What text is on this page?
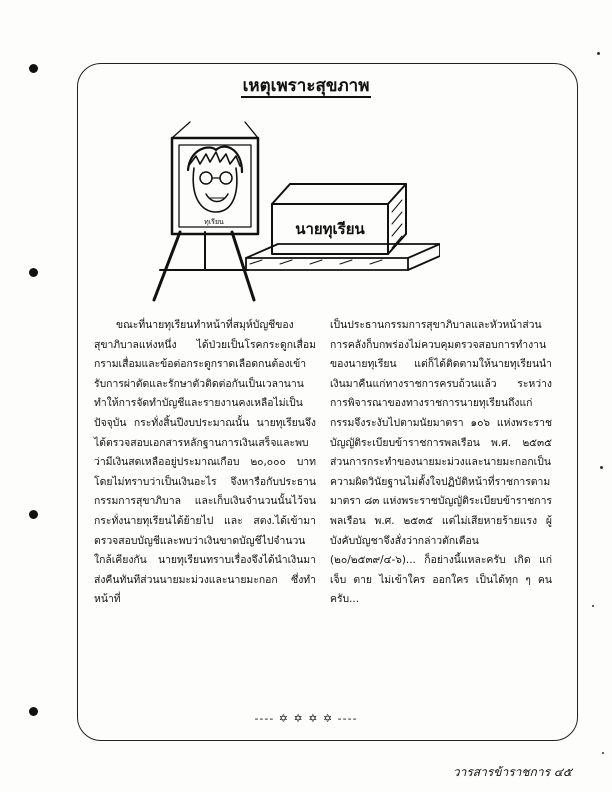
เหตุเพราะสุขภาพ
ทุเรียน	นายทุเรียน

ขณะที่นายทุเรียนทำหน้าที่สมุห์บัญชีของสุขาภิบาลแห่งหนึ่ง ได้ป่วยเป็นโรคกระดูกเสื่อมกรามเสื่อมและข้อต่อกระดูกราดเลือดกนต้องเข้ารับการผ่าตัดและรักษาตัวติดต่อกันเป็นเวลานานทำให้การจัดทำบัญชีและรายงานคงเหลือไม่เป็นปัจจุบัน กระทั่งสิ้นปีงบประมาณนั้น นายทุเรียนจึงได้ตรวจสอบเอกสารหลักฐานการเงินเสร็จและพบว่ามีเงินสดเหลืออยู่ประมาณเกือบ ๒๐,๐๐๐ บาท โดยไม่ทราบว่าเป็นเงินอะไร จึงหารือกับประธานกรรมการสุขาภิบาล และเก็บเงินจำนวนนั้นไว้จนกระทั่งนายทุเรียนได้ย้ายไป และ สตง.ได้เข้ามาตรวจสอบบัญชีและพบว่าเงินขาดบัญชีไปจำนวนใกล้เคียงกัน นายทุเรียนทราบเรื่องจึงได้นำเงินมาส่งคืนทันทีส่วนนายมะม่วงและนายมะกอก ซึ่งทำหน้าที่

เป็นประธานกรรมการสุขาภิบาลและหัวหน้าส่วนการคลังก็บกพร่องไม่ควบคุมตรวจสอบการทำงานของนายทุเรียน แต่ก็ได้ติดตามให้นายทุเรียนนำเงินมาคืนแก่ทางราชการครบถ้วนแล้ว ระหว่างการพิจารณาของทางราชการนายทุเรียนถึงแก่กรรมจึงระงับไปตามนัยมาตรา ๑๐๖ แห่งพระราชบัญญัติระเบียบข้าราชการพลเรือน พ.ศ. ๒๕๓๕ ส่วนการกระทำของนายมะม่วงและนายมะกอกเป็นความผิดวินัยฐานไม่ตั้งใจปฏิบัติหน้าที่ราชการตามมาตรา ๘๓ แห่งพระราชบัญญัติระเบียบข้าราชการพลเรือน พ.ศ. ๒๕๓๕ แต่ไม่เสียหายร้ายแรง ผู้บังคับบัญชาจึงสั่งว่ากล่าวตักเตือน (๒๐/๒๕๓๙/๔-๖)... ก็อย่างนี้แหละครับ เกิด แก่ เจ็บ ตาย ไม่เข้าใคร ออกใคร เป็นได้ทุก ๆ คนครับ...

---- ✡ ✡ ✡ ✡ ----
วารสารข้าราชการ ๔๕
